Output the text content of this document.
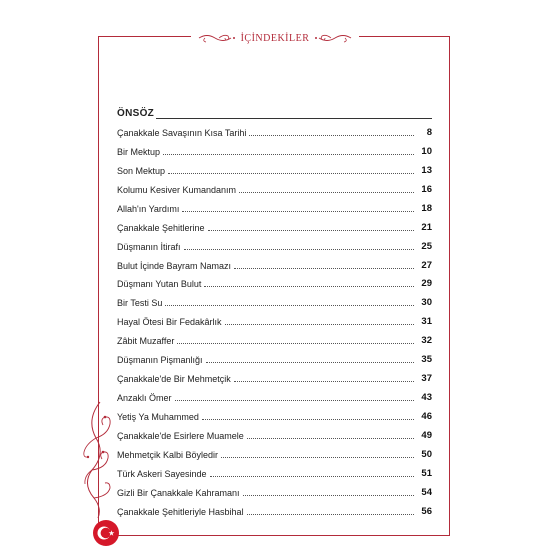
İÇİNDEKİLER
ÖNSÖZ
Çanakkale Savaşının Kısa Tarihi	8
Bir Mektup	10
Son Mektup	13
Kolumu Kesiver Kumandanım	16
Allah'ın Yardımı	18
Çanakkale Şehitlerine	21
Düşmanın İtirafı	25
Bulut İçinde Bayram Namazı	27
Düşmanı Yutan Bulut	29
Bir Testi Su	30
Hayal Ötesi Bir Fedakârlık	31
Zâbit Muzaffer	32
Düşmanın Pişmanlığı	35
Çanakkale'de Bir Mehmetçik	37
Anzaklı Ömer	43
Yetiş Ya Muhammed	46
Çanakkale'de Esirlere Muamele	49
Mehmetçik Kalbi Böyledir	50
Türk Askeri Sayesinde	51
Gizli Bir Çanakkale Kahramanı	54
Çanakkale Şehitleriyle Hasbihal	56
